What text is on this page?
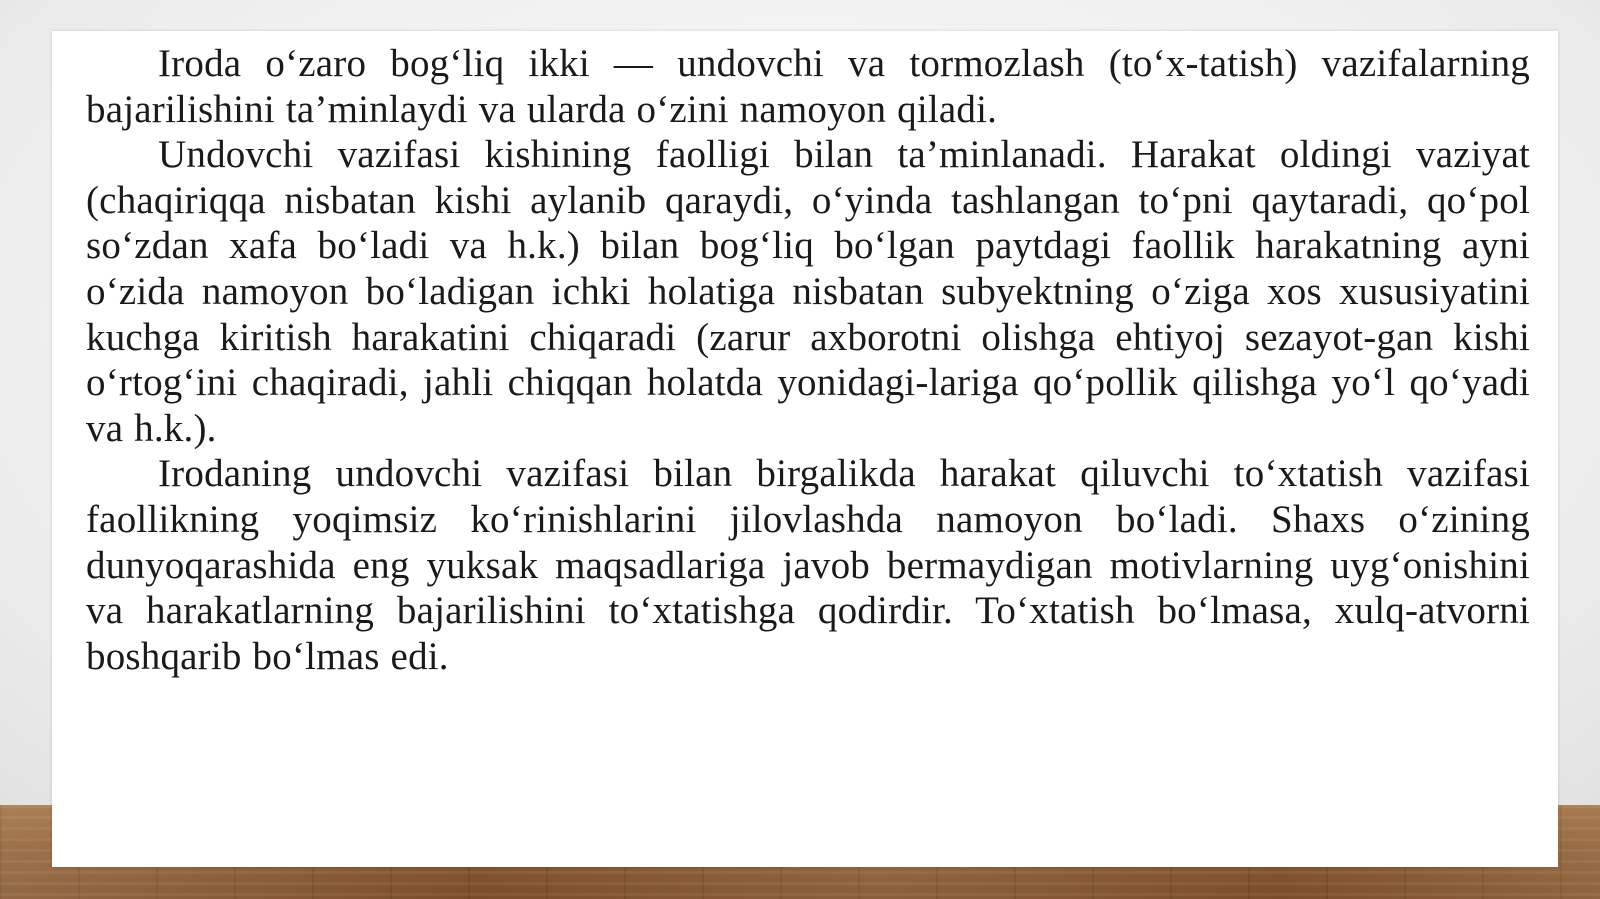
Iroda o‘zaro bog‘liq ikki — undovchi va tormozlash (to‘x-tatish) vazifalarning bajarilishini ta’minlaydi va ularda o‘zini namoyon qiladi.

Undovchi vazifasi kishining faolligi bilan ta’minlanadi. Harakat oldingi vaziyat (chaqiriqqa nisbatan kishi aylanib qaraydi, o‘yinda tashlangan to‘pni qaytaradi, qo‘pol so‘zdan xafa bo‘ladi va h.k.) bilan bog‘liq bo‘lgan paytdagi faollik harakatning ayni o‘zida namoyon bo‘ladigan ichki holatiga nisbatan subyektning o‘ziga xos xususiyatini kuchga kiritish harakatini chiqaradi (zarur axborotni olishga ehtiyoj sezayot-gan kishi o‘rtog‘ini chaqiradi, jahli chiqqan holatda yonidagi-lariga qo‘pollik qilishga yo‘l qo‘yadi va h.k.).

Irodaning undovchi vazifasi bilan birgalikda harakat qiluvchi to‘xtatish vazifasi faollikning yoqimsiz ko‘rinishlarini jilovlashda namoyon bo‘ladi. Shaxs o‘zining dunyoqarashida eng yuksak maqsadlariga javob bermaydigan motivlarning uyg‘onishini va harakatlarning bajarilishini to‘xtatishga qodirdir. To‘xtatish bo‘lmasa, xulq-atvorni boshqarib bo‘lmas edi.
